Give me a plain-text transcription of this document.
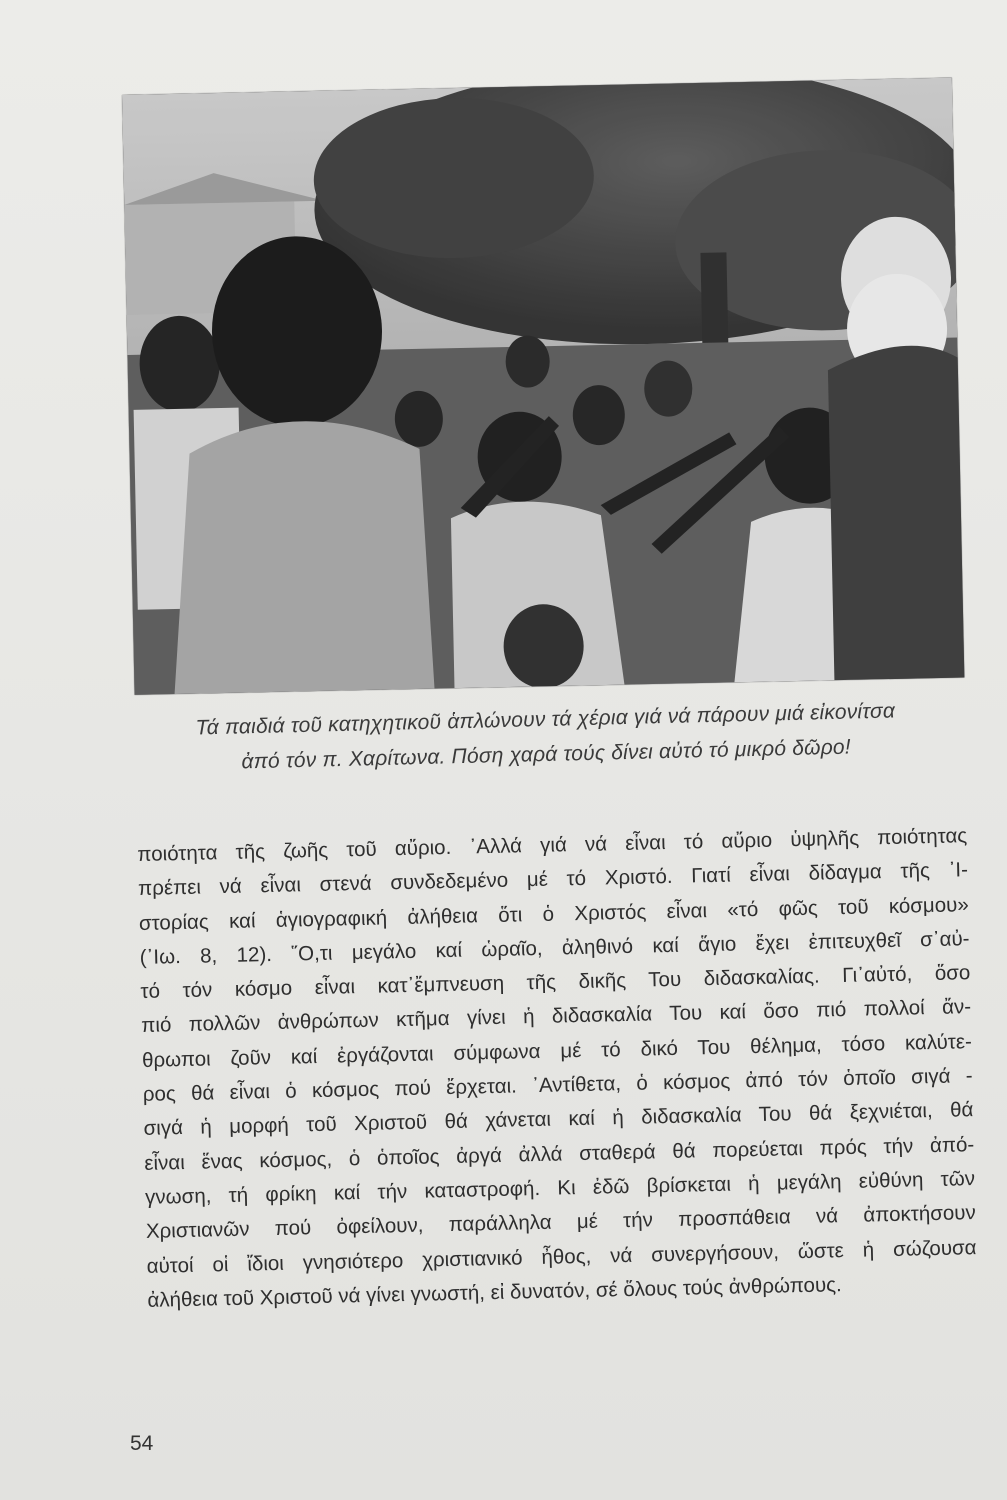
Τά παιδιά τοῦ κατηχητικοῦ ἁπλώνουν τά χέρια γιά νά πάρουν μιά εἰκονίτσα
ἀπό τόν π. Χαρίτωνα. Πόση χαρά τούς δίνει αὐτό τό μικρό δῶρο!
ποιότητα τῆς ζωῆς τοῦ αὔριο. ᾿Αλλά γιά νά εἶναι τό αὔριο ὑψηλῆς ποιότητας
πρέπει νά εἶναι στενά συνδεδεμένο μέ τό Χριστό. Γιατί εἶναι δίδαγμα τῆς ᾿Ι-
στορίας καί ἁγιογραφική ἀλήθεια ὅτι ὁ Χριστός εἶναι «τό φῶς τοῦ κόσμου»
(᾿Ιω. 8, 12). ῞Ο,τι μεγάλο καί ὡραῖο, ἀληθινό καί ἅγιο ἔχει ἐπιτευχθεῖ σ᾿αὐ-
τό τόν κόσμο εἶναι κατ᾿ἔμπνευση τῆς δικῆς Του διδασκαλίας. Γι᾿αὐτό, ὅσο
πιό πολλῶν ἀνθρώπων κτῆμα γίνει ἡ διδασκαλία Του καί ὅσο πιό πολλοί ἄν-
θρωποι ζοῦν καί ἐργάζονται σύμφωνα μέ τό δικό Του θέλημα, τόσο καλύτε-
ρος θά εἶναι ὁ κόσμος πού ἔρχεται. ᾿Αντίθετα, ὁ κόσμος ἀπό τόν ὁποῖο σιγά -
σιγά ἡ μορφή τοῦ Χριστοῦ θά χάνεται καί ἡ διδασκαλία Του θά ξεχνιέται, θά
εἶναι ἕνας κόσμος, ὁ ὁποῖος ἀργά ἀλλά σταθερά θά πορεύεται πρός τήν ἀπό-
γνωση, τή φρίκη καί τήν καταστροφή. Κι ἐδῶ βρίσκεται ἡ μεγάλη εὐθύνη τῶν
Χριστιανῶν πού ὀφείλουν, παράλληλα μέ τήν προσπάθεια νά ἀποκτήσουν
αὐτοί οἱ ἴδιοι γνησιότερο χριστιανικό ἦθος, νά συνεργήσουν, ὥστε ἡ σώζουσα
ἀλήθεια τοῦ Χριστοῦ νά γίνει γνωστή, εἰ δυνατόν, σέ ὅλους τούς ἀνθρώπους.
54
